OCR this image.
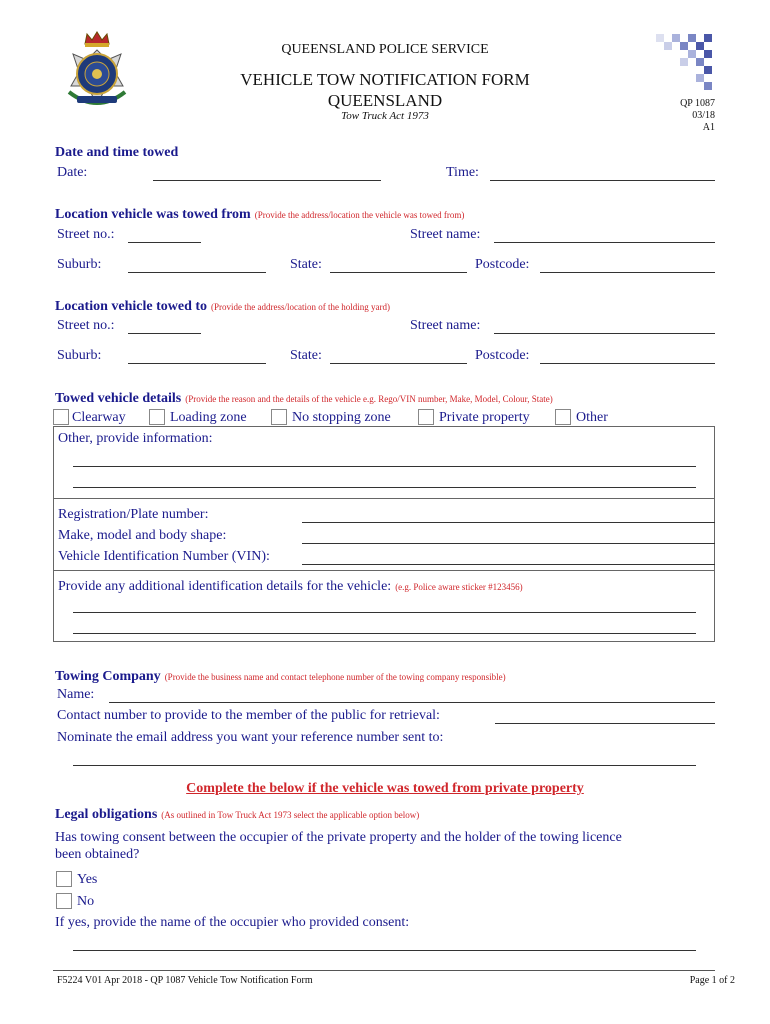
QUEENSLAND POLICE SERVICE
VEHICLE TOW NOTIFICATION FORM
QUEENSLAND
Tow Truck Act 1973
QP 1087
03/18
A1
Date and time towed
Date:	Time:
Location vehicle was towed from (Provide the address/location the vehicle was towed from)
Street no.:	Street name:
Suburb:	State:	Postcode:
Location vehicle towed to (Provide the address/location of the holding yard)
Street no.:	Street name:
Suburb:	State:	Postcode:
Towed vehicle details (Provide the reason and the details of the vehicle e.g. Rego/VIN number, Make, Model, Colour, State)
Clearway	Loading zone	No stopping zone	Private property	Other
Other, provide information:
Registration/Plate number:
Make, model and body shape:
Vehicle Identification Number (VIN):
Provide any additional identification details for the vehicle: (e.g. Police aware sticker #123456)
Towing Company (Provide the business name and contact telephone number of the towing company responsible)
Name:
Contact number to provide to the member of the public for retrieval:
Nominate the email address you want your reference number sent to:
Complete the below if the vehicle was towed from private property
Legal obligations (As outlined in Tow Truck Act 1973 select the applicable option below)
Has towing consent between the occupier of the private property and the holder of the towing licence
been obtained?
Yes
No
If yes, provide the name of the occupier who provided consent:
F5224 V01 Apr 2018 - QP 1087 Vehicle Tow Notification Form	Page 1 of 2
